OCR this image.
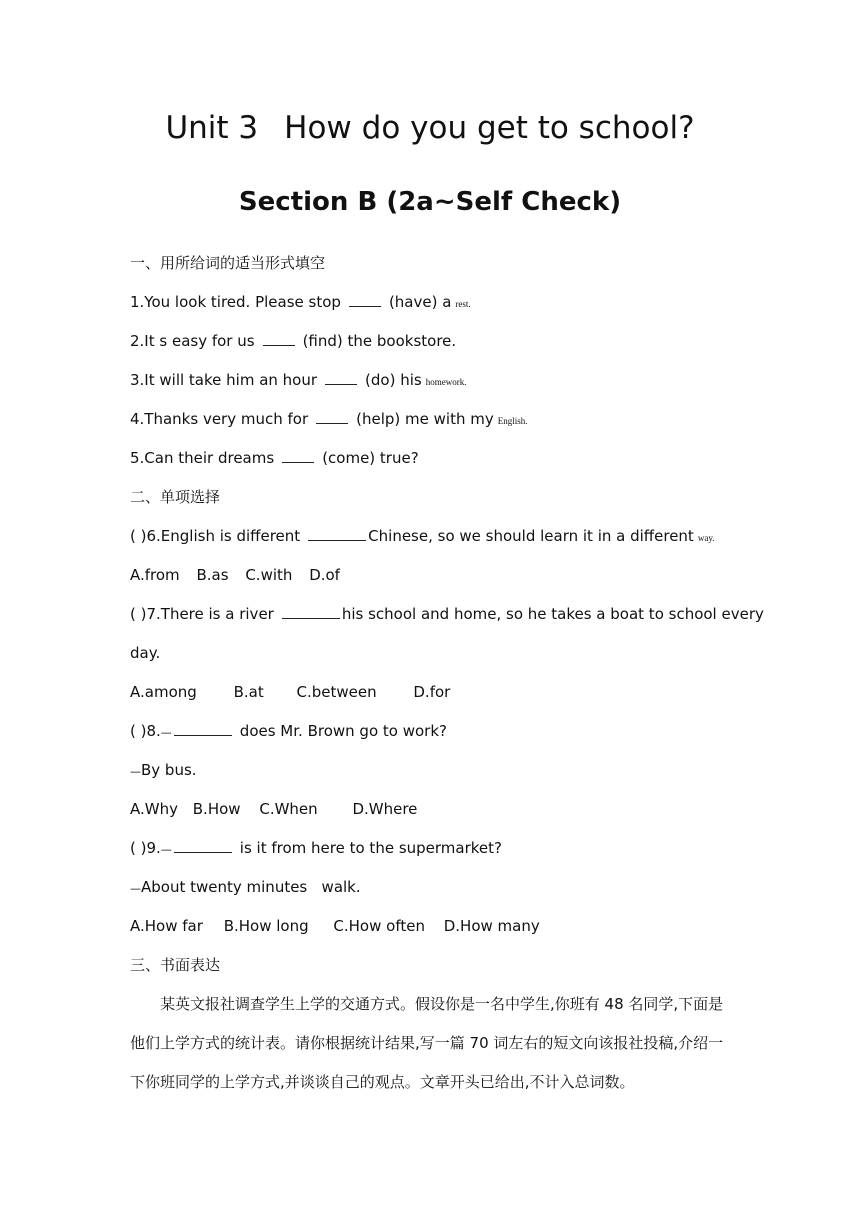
Unit 3 How do you get to school?
Section B (2a~Self Check)
一、用所给词的适当形式填空
1.You look tired. Please stop	(have) a rest.
2.It s easy for us	(find) the bookstore.
3.It will take him an hour	(do) his homework.
4.Thanks very much for	(help) me with my English.
5.Can their dreams	(come) true?
二、单项选择
( )6.English is different	Chinese, so we should learn it in a different way.
A.from B.as C.with D.of
( )7.There is a river	his school and home, so he takes a boat to school every
day.
A.among B.at C.between D.for
( )8.—	does Mr. Brown go to work?
—By bus.
A.Why B.How C.When D.Where
( )9.—	is it from here to the supermarket?
—About twenty minutes   walk.
A.How far B.How long C.How often D.How many
三、书面表达

某英文报社调查学生上学的交通方式。假设你是一名中学生,你班有 48 名同学,下面是他们上学方式的统计表。请你根据统计结果,写一篇 70 词左右的短文向该报社投稿,介绍一下你班同学的上学方式,并谈谈自己的观点。文章开头已给出,不计入总词数。
